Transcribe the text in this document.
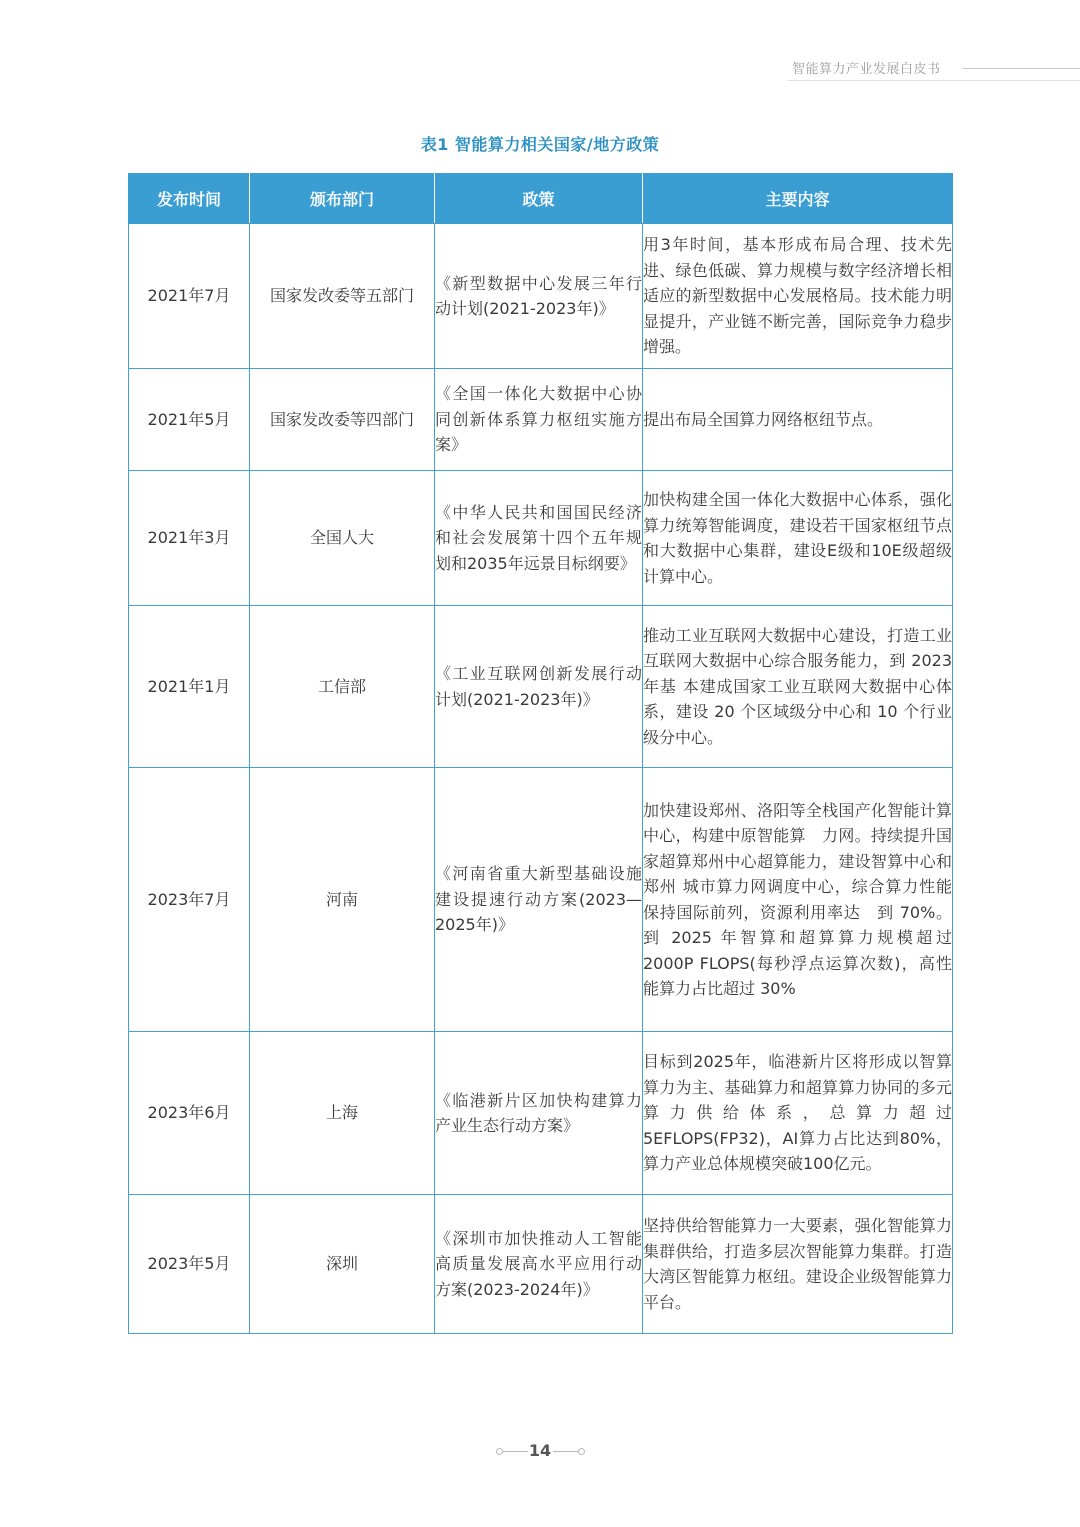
智能算力产业发展白皮书
表1 智能算力相关国家/地方政策
发布时间	颁布部门	政策	主要内容
2021年7月	国家发改委等五部门	《新型数据中心发展三年行动计划(2021-2023年)》	用3年时间，基本形成布局合理、技术先进、绿色低碳、算力规模与数字经济增长相适应的新型数据中心发展格局。技术能力明显提升，产业链不断完善，国际竞争力稳步增强。
2021年5月	国家发改委等四部门	《全国一体化大数据中心协同创新体系算力枢纽实施方案》	提出布局全国算力网络枢纽节点。
2021年3月	全国人大	《中华人民共和国国民经济和社会发展第十四个五年规划和2035年远景目标纲要》	加快构建全国一体化大数据中心体系，强化算力统筹智能调度，建设若干国家枢纽节点和大数据中心集群，建设E级和10E级超级计算中心。
2021年1月	工信部	《工业互联网创新发展行动计划(2021-2023年)》	推动工业互联网大数据中心建设，打造工业互联网大数据中心综合服务能力，到 2023 年基 本建成国家工业互联网大数据中心体系，建设 20 个区域级分中心和 10 个行业级分中心。
2023年7月	河南	《河南省重大新型基础设施建设提速行动方案(2023—2025年)》	加快建设郑州、洛阳等全栈国产化智能计算中心，构建中原智能算　力网。持续提升国家超算郑州中心超算能力，建设智算中心和郑州 城市算力网调度中心，综合算力性能保持国际前列，资源利用率达　到 70%。到 2025 年智算和超算算力规模超过　2000P FLOPS(每秒浮点运算次数)，高性能算力占比超过 30%
2023年6月	上海	《临港新片区加快构建算力产业生态行动方案》	目标到2025年，临港新片区将形成以智算算力为主、基础算力和超算算力协同的多元算力供给体系，总算力超过5EFLOPS(FP32)，AI算力占比达到80%，算力产业总体规模突破100亿元。
2023年5月	深圳	《深圳市加快推动人工智能高质量发展高水平应用行动方案(2023-2024年)》	坚持供给智能算力一大要素，强化智能算力集群供给，打造多层次智能算力集群。打造大湾区智能算力枢纽。建设企业级智能算力平台。
14
